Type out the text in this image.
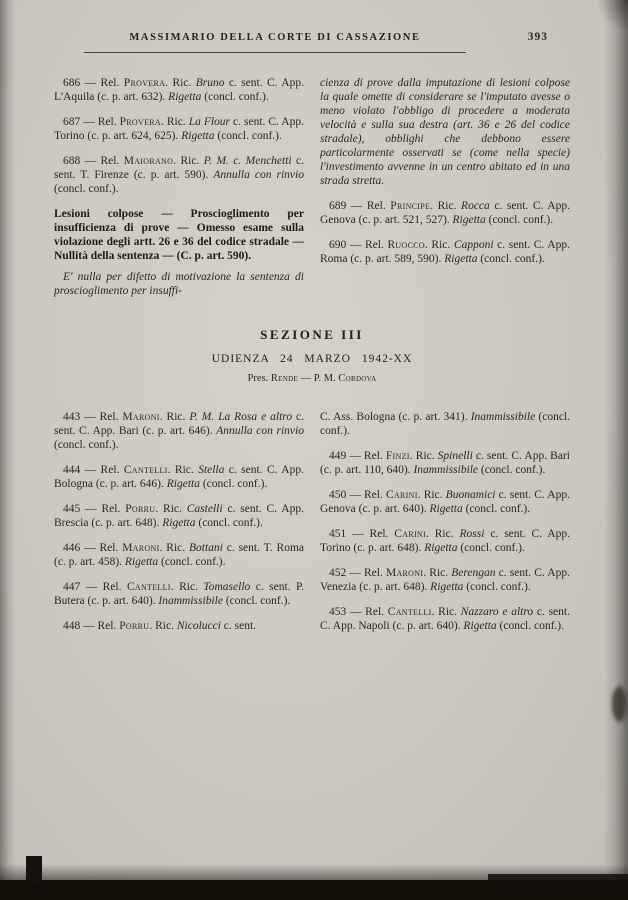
MASSIMARIO DELLA CORTE DI CASSAZIONE	393

686 — Rel. Provera. Ric. Bruno c. sent. C. App. L'Aquila (c. p. art. 632). Rigetta (concl. conf.).

687 — Rel. Provera. Ric. La Flour c. sent. C. App. Torino (c. p. art. 624, 625). Rigetta (concl. conf.).

688 — Rel. Maiorano. Ric. P. M. c. Menchetti c. sent. T. Firenze (c. p. art. 590). Annulla con rinvio (concl. conf.).

Lesioni colpose — Proscioglimento per insufficienza di prove — Omesso esame sulla violazione degli artt. 26 e 36 del codice stradale — Nullità della sentenza — (C. p. art. 590).

E' nulla per difetto di motivazione la sentenza di proscioglimento per insuffi-

cienza di prove dalla imputazione di lesioni colpose la quale omette di considerare se l'imputato avesse o meno violato l'obbligo di procedere a moderata velocità e sulla sua destra (art. 36 e 26 del codice stradale), obblighi che debbono essere particolarmente osservati se (come nella specie) l'investimento avvenne in un centro abitato ed in una strada stretta.

689 — Rel. Principe. Ric. Rocca c. sent. C. App. Genova (c. p. art. 521, 527). Rigetta (concl. conf.).

690 — Rel. Ruocco. Ric. Capponi c. sent. C. App. Roma (c. p. art. 589, 590). Rigetta (concl. conf.).

SEZIONE III

UDIENZA 24 MARZO 1942-XX

Pres. Rende — P. M. Cordova

443 — Rel. Maroni. Ric. P. M. La Rosa e altro c. sent. C. App. Bari (c. p. art. 646). Annulla con rinvio (concl. conf.).

444 — Rel. Cantelli. Ric. Stella c. sent. C. App. Bologna (c. p. art. 646). Rigetta (concl. conf.).

445 — Rel. Porru. Ric. Castelli c. sent. C. App. Brescia (c. p. art. 648). Rigetta (concl. conf.).

446 — Rel. Maroni. Ric. Bottani c. sent. T. Roma (c. p. art. 458). Rigetta (concl. conf.).

447 — Rel. Cantelli. Ric. Tomasello c. sent. P. Butera (c. p. art. 640). Inammissibile (concl. conf.).

448 — Rel. Porru. Ric. Nicolucci c. sent.

C. Ass. Bologna (c. p. art. 341). Inammissibile (concl. conf.).

449 — Rel. Finzi. Ric. Spinelli c. sent. C. App. Bari (c. p. art. 110, 640). Inammissibile (concl. conf.).

450 — Rel. Carini. Ric. Buonamici c. sent. C. App. Genova (c. p. art. 640). Rigetta (concl. conf.).

451 — Rel. Carini. Ric. Rossi c. sent. C. App. Torino (c. p. art. 648). Rigetta (concl. conf.).

452 — Rel. Maroni. Ric. Berengan c. sent. C. App. Venezia (c. p. art. 648). Rigetta (concl. conf.).

453 — Rel. Cantelli. Ric. Nazzaro e altro c. sent. C. App. Napoli (c. p. art. 640). Rigetta (concl. conf.).
